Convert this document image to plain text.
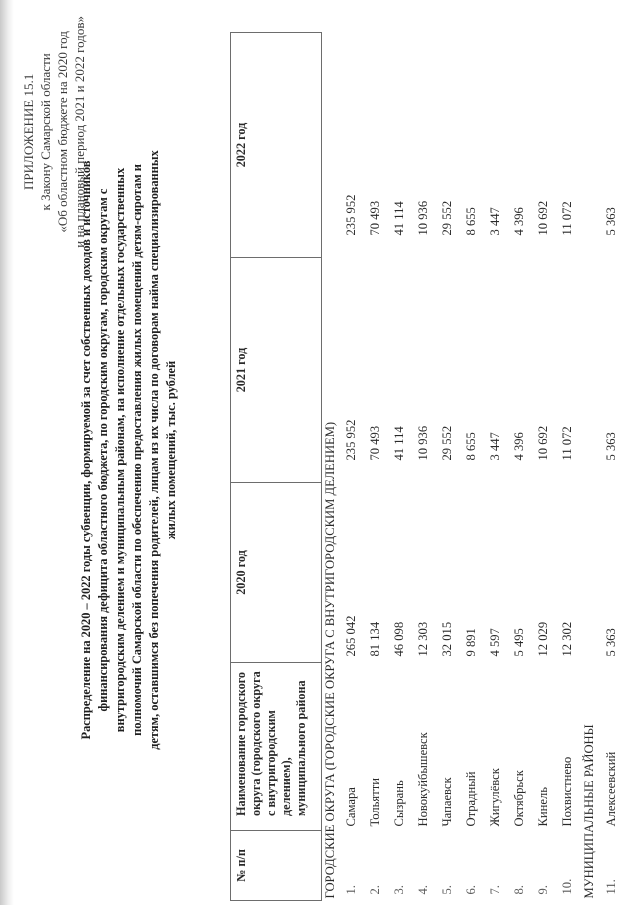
ПРИЛОЖЕНИЕ 15.1 к Закону Самарской области «Об областном бюджете на 2020 год и на плановый период 2021 и 2022 годов»
Распределение на 2020 – 2022 годы субвенции, формируемой за счет собственных доходов и источников финансирования дефицита областного бюджета, по городским округам, городским округам с внутригородским делением и муниципальным районам, на исполнение отдельных государственных полномочий Самарской области по обеспечению предоставления жилых помещений детям-сиротам и детям, оставшимся без попечения родителей, лицам из их числа по договорам найма специализированных жилых помещений, тыс. рублей
№ п/п	Наименование городского округа (городского округа с внутригородским делением), муниципального района	2020 год	2021 год	2022 год
ГОРОДСКИЕ ОКРУГА (ГОРОДСКИЕ ОКРУГА С ВНУТРИГОРОДСКИМ ДЕЛЕНИЕМ)				
1.	Самара	265 042	235 952	235 952
2.	Тольятти	81 134	70 493	70 493
3.	Сызрань	46 098	41 114	41 114
4.	Новокуйбышевск	12 303	10 936	10 936
5.	Чапаевск	32 015	29 552	29 552
6.	Отрадный	9 891	8 655	8 655
7.	Жигулёвск	4 597	3 447	3 447
8.	Октябрьск	5 495	4 396	4 396
9.	Кинель	12 029	10 692	10 692
10.	Похвистнево	12 302	11 072	11 072
МУНИЦИПАЛЬНЫЕ РАЙОНЫ				
11.	Алексеевский	5 363	5 363	5 363
